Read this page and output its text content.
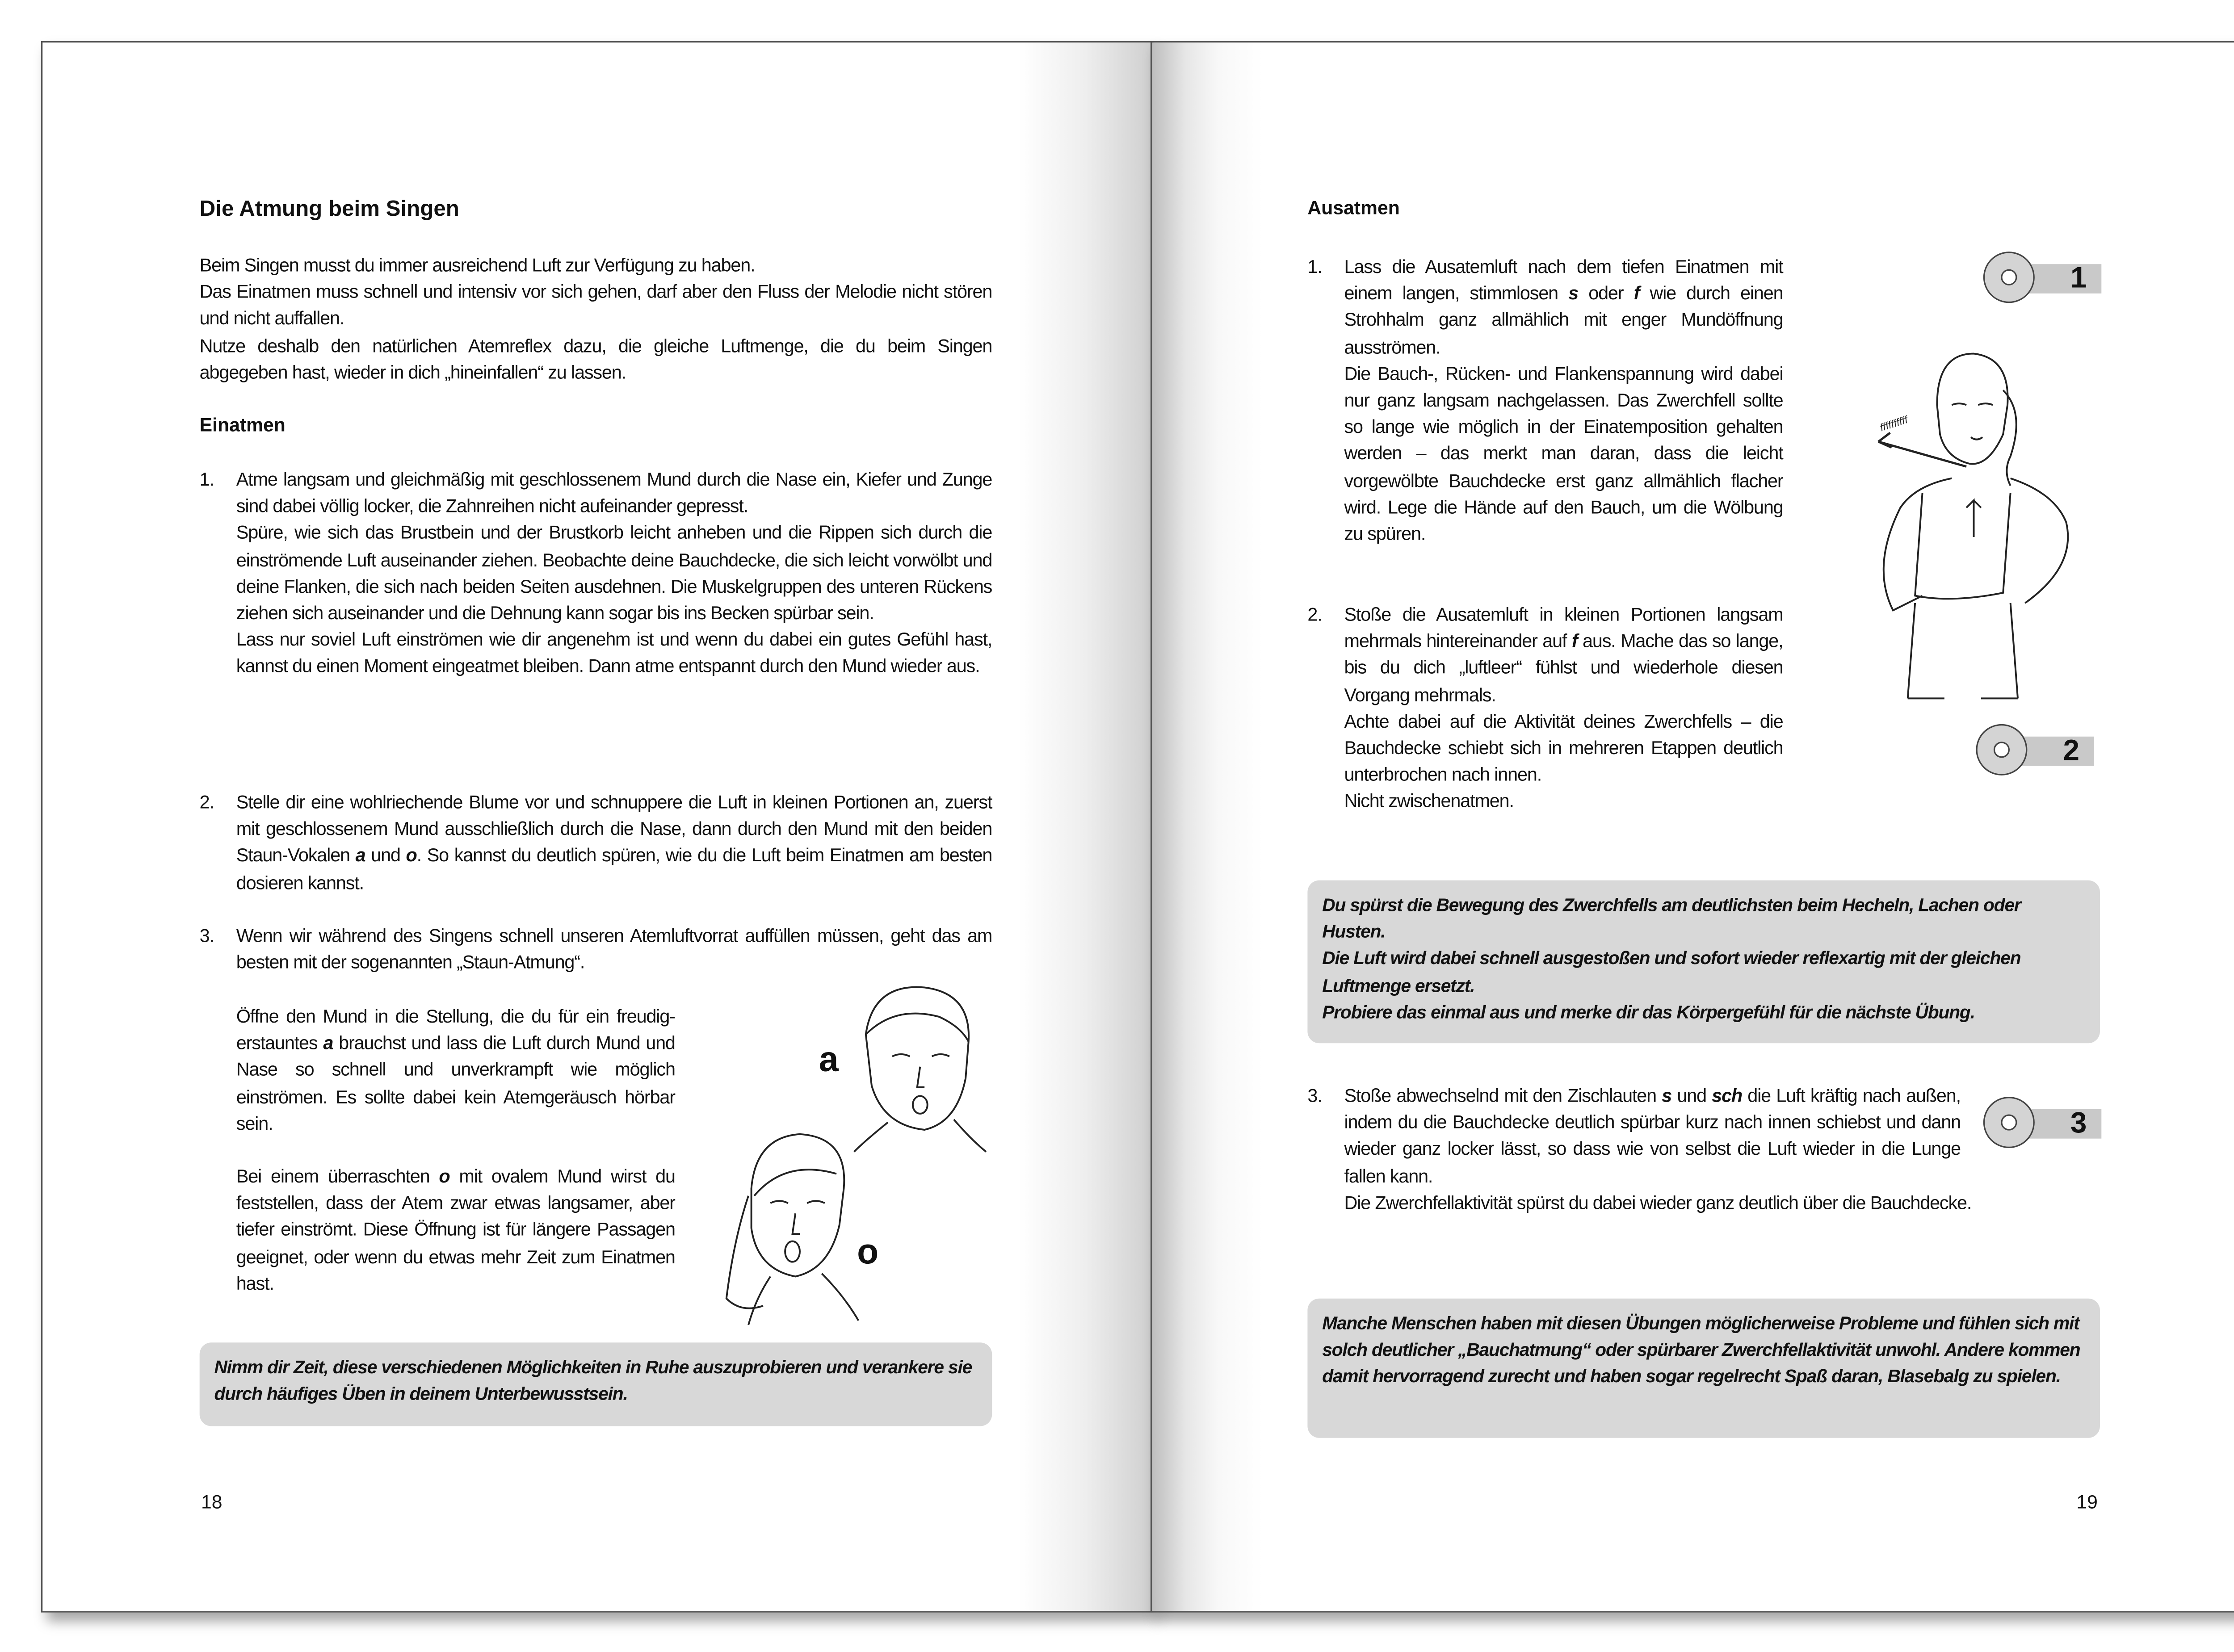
Die Atmung beim Singen
Beim Singen musst du immer ausreichend Luft zur Verfügung zu haben.
Das Einatmen muss schnell und intensiv vor sich gehen, darf aber den Fluss der Melodie nicht stören und nicht auffallen.
Nutze deshalb den natürlichen Atemreflex dazu, die gleiche Luftmenge, die du beim Singen abgegeben hast, wieder in dich „hineinfallen“ zu lassen.
Einatmen
1.	Atme langsam und gleichmäßig mit geschlossenem Mund durch die Nase ein, Kiefer und Zunge sind dabei völlig locker, die Zahnreihen nicht aufeinander gepresst.
Spüre, wie sich das Brustbein und der Brustkorb leicht anheben und die Rippen sich durch die einströmende Luft auseinander ziehen. Beobachte deine Bauchdecke, die sich leicht vorwölbt und deine Flanken, die sich nach beiden Seiten ausdehnen. Die Muskelgruppen des unteren Rückens ziehen sich auseinander und die Dehnung kann sogar bis ins Becken spürbar sein.
Lass nur soviel Luft einströmen wie dir angenehm ist und wenn du dabei ein gutes Gefühl hast, kannst du einen Moment eingeatmet bleiben. Dann atme entspannt durch den Mund wieder aus.
2.	Stelle dir eine wohlriechende Blume vor und schnuppere die Luft in kleinen Portionen an, zuerst mit geschlossenem Mund ausschließlich durch die Nase, dann durch den Mund mit den beiden Staun-Vokalen a und o. So kannst du deutlich spüren, wie du die Luft beim Einatmen am besten dosieren kannst.
3.	Wenn wir während des Singens schnell unseren Atemluftvorrat auffüllen müssen, geht das am besten mit der sogenannten „Staun-Atmung“.
Öffne den Mund in die Stellung, die du für ein freudig-erstauntes a brauchst und lass die Luft durch Mund und Nase so schnell und unverkrampft wie möglich einströmen. Es sollte dabei kein Atemgeräusch hörbar sein.
Bei einem überraschten o mit ovalem Mund wirst du feststellen, dass der Atem zwar etwas langsamer, aber tiefer einströmt. Diese Öffnung ist für längere Passagen geeignet, oder wenn du etwas mehr Zeit zum Einatmen hast.
a
o
Nimm dir Zeit, diese verschiedenen Möglichkeiten in Ruhe auszuprobieren und verankere sie durch häufiges Üben in deinem Unterbewusstsein.
18
Ausatmen
1.	Lass die Ausatemluft nach dem tiefen Einatmen mit einem langen, stimmlosen s oder f wie durch einen Strohhalm ganz allmählich mit enger Mundöffnung ausströmen.
Die Bauch-, Rücken- und Flankenspannung wird dabei nur ganz langsam nachgelassen. Das Zwerchfell sollte so lange wie möglich in der Einatemposition gehalten werden – das merkt man daran, dass die leicht vorgewölbte Bauchdecke erst ganz allmählich flacher wird. Lege die Hände auf den Bauch, um die Wölbung zu spüren.
2.	Stoße die Ausatemluft in kleinen Portionen langsam mehrmals hintereinander auf f aus. Mache das so lange, bis du dich „luftleer“ fühlst und wiederhole diesen Vorgang mehrmals.
Achte dabei auf die Aktivität deines Zwerchfells – die Bauchdecke schiebt sich in mehreren Etappen deutlich unterbrochen nach innen.
Nicht zwischenatmen.
ffffffffff
1
2
Du spürst die Bewegung des Zwerchfells am deutlichsten beim Hecheln, Lachen oder Husten.
Die Luft wird dabei schnell ausgestoßen und sofort wieder reflexartig mit der gleichen Luftmenge ersetzt.
Probiere das einmal aus und merke dir das Körpergefühl für die nächste Übung.
3.	Stoße abwechselnd mit den Zischlauten s und sch die Luft kräftig nach außen, indem du die Bauchdecke deutlich spürbar kurz nach innen schiebst und dann wieder ganz locker lässt, so dass wie von selbst die Luft wieder in die Lunge fallen kann.
Die Zwerchfellaktivität spürst du dabei wieder ganz deutlich über die Bauchdecke.
3
Manche Menschen haben mit diesen Übungen möglicherweise Probleme und fühlen sich mit solch deutlicher „Bauchatmung“ oder spürbarer Zwerchfellaktivität unwohl. Andere kommen damit hervorragend zurecht und haben sogar regelrecht Spaß daran, Blasebalg zu spielen.
19
